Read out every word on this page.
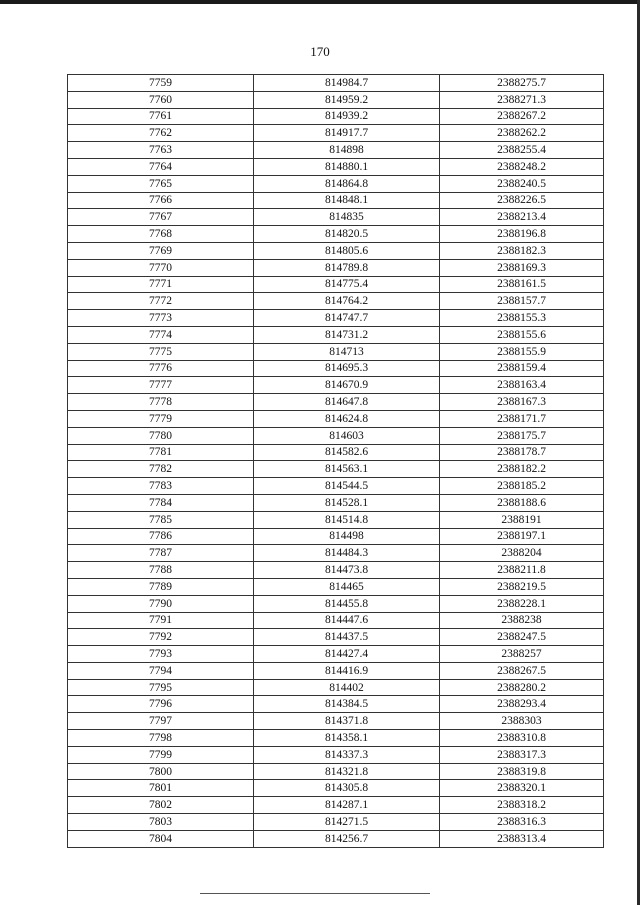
170
7759	814984.7	2388275.7
7760	814959.2	2388271.3
7761	814939.2	2388267.2
7762	814917.7	2388262.2
7763	814898	2388255.4
7764	814880.1	2388248.2
7765	814864.8	2388240.5
7766	814848.1	2388226.5
7767	814835	2388213.4
7768	814820.5	2388196.8
7769	814805.6	2388182.3
7770	814789.8	2388169.3
7771	814775.4	2388161.5
7772	814764.2	2388157.7
7773	814747.7	2388155.3
7774	814731.2	2388155.6
7775	814713	2388155.9
7776	814695.3	2388159.4
7777	814670.9	2388163.4
7778	814647.8	2388167.3
7779	814624.8	2388171.7
7780	814603	2388175.7
7781	814582.6	2388178.7
7782	814563.1	2388182.2
7783	814544.5	2388185.2
7784	814528.1	2388188.6
7785	814514.8	2388191
7786	814498	2388197.1
7787	814484.3	2388204
7788	814473.8	2388211.8
7789	814465	2388219.5
7790	814455.8	2388228.1
7791	814447.6	2388238
7792	814437.5	2388247.5
7793	814427.4	2388257
7794	814416.9	2388267.5
7795	814402	2388280.2
7796	814384.5	2388293.4
7797	814371.8	2388303
7798	814358.1	2388310.8
7799	814337.3	2388317.3
7800	814321.8	2388319.8
7801	814305.8	2388320.1
7802	814287.1	2388318.2
7803	814271.5	2388316.3
7804	814256.7	2388313.4
